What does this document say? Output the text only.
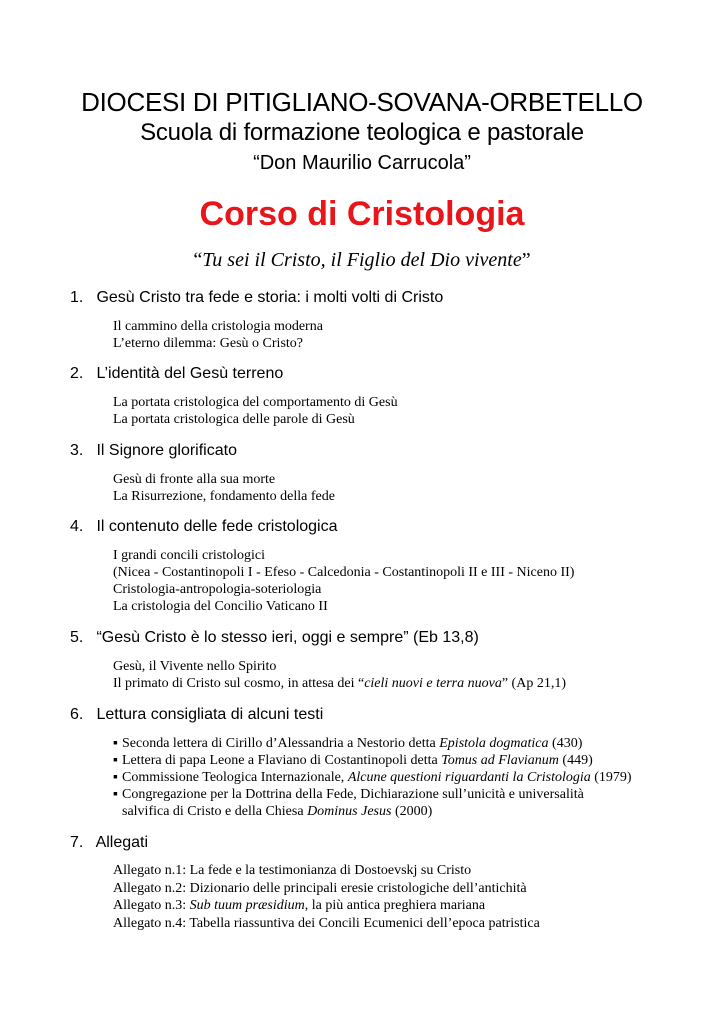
DIOCESI DI PITIGLIANO-SOVANA-ORBETELLO
Scuola di formazione teologica e pastorale
“Don Maurilio Carrucola”
Corso di Cristologia
“Tu sei il Cristo, il Figlio del Dio vivente”
1. Gesù Cristo tra fede e storia: i molti volti di Cristo
Il cammino della cristologia moderna
L’eterno dilemma: Gesù o Cristo?
2. L’identità del Gesù terreno
La portata cristologica del comportamento di Gesù
La portata cristologica delle parole di Gesù
3. Il Signore glorificato
Gesù di fronte alla sua morte
La Risurrezione, fondamento della fede
4. Il contenuto delle fede cristologica
I grandi concili cristologici
(Nicea - Costantinopoli I - Efeso - Calcedonia - Costantinopoli II e III - Niceno II)
Cristologia-antropologia-soteriologia
La cristologia del Concilio Vaticano II
5. “Gesù Cristo è lo stesso ieri, oggi e sempre” (Eb 13,8)
Gesù, il Vivente nello Spirito
Il primato di Cristo sul cosmo, in attesa dei “cieli nuovi e terra nuova” (Ap 21,1)
6. Lettura consigliata di alcuni testi
▪ Seconda lettera di Cirillo d’Alessandria a Nestorio detta Epistola dogmatica (430)
▪ Lettera di papa Leone a Flaviano di Costantinopoli detta Tomus ad Flavianum (449)
▪ Commissione Teologica Internazionale, Alcune questioni riguardanti la Cristologia (1979)
▪ Congregazione per la Dottrina della Fede, Dichiarazione sull’unicità e universalità
salvifica di Cristo e della Chiesa Dominus Jesus (2000)
7. Allegati
Allegato n.1: La fede e la testimonianza di Dostoevskj su Cristo
Allegato n.2: Dizionario delle principali eresie cristologiche dell’antichità
Allegato n.3: Sub tuum præsidium, la più antica preghiera mariana
Allegato n.4: Tabella riassuntiva dei Concili Ecumenici dell’epoca patristica
